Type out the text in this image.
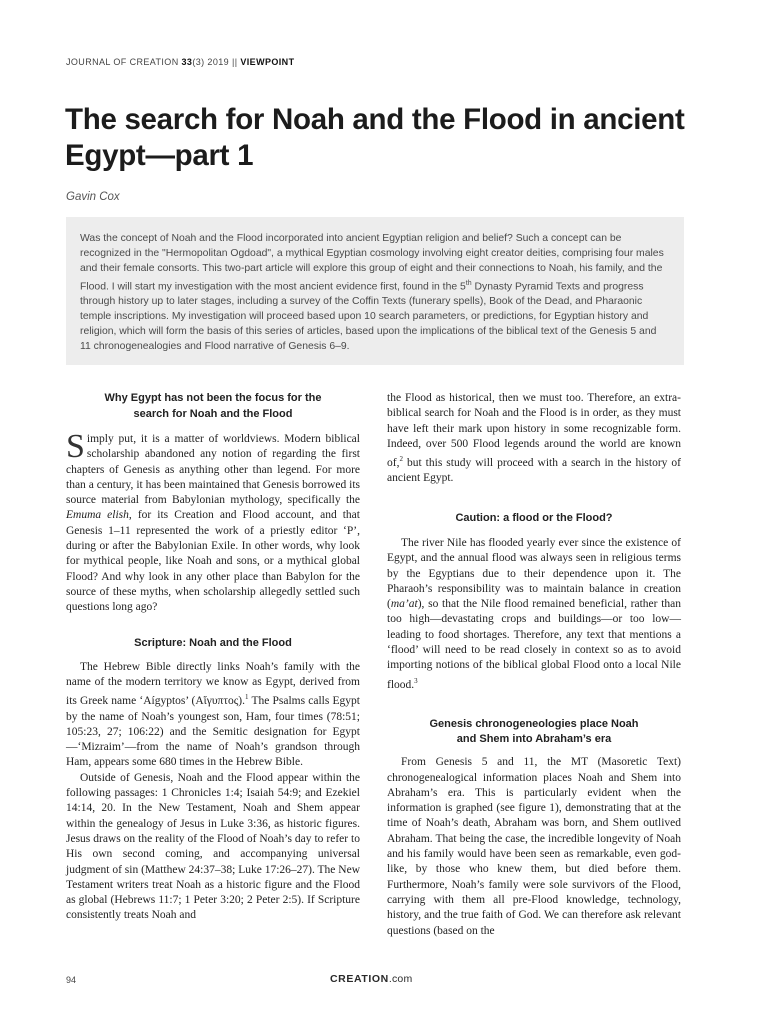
JOURNAL OF CREATION 33(3) 2019 || VIEWPOINT
The search for Noah and the Flood in ancient Egypt—part 1
Gavin Cox

Was the concept of Noah and the Flood incorporated into ancient Egyptian religion and belief? Such a concept can be recognized in the "Hermopolitan Ogdoad", a mythical Egyptian cosmology involving eight creator deities, comprising four males and their female consorts. This two-part article will explore this group of eight and their connections to Noah, his family, and the Flood. I will start my investigation with the most ancient evidence first, found in the 5th Dynasty Pyramid Texts and progress through history up to later stages, including a survey of the Coffin Texts (funerary spells), Book of the Dead, and Pharaonic temple inscriptions. My investigation will proceed based upon 10 search parameters, or predictions, for Egyptian history and religion, which will form the basis of this series of articles, based upon the implications of the biblical text of the Genesis 5 and 11 chronogenealogies and Flood narrative of Genesis 6–9.

Why Egypt has not been the focus for the search for Noah and the Flood

Simply put, it is a matter of worldviews. Modern biblical scholarship abandoned any notion of regarding the first chapters of Genesis as anything other than legend. For more than a century, it has been maintained that Genesis borrowed its source material from Babylonian mythology, specifically the Emuma elish, for its Creation and Flood account, and that Genesis 1–11 represented the work of a priestly editor ‘P’, during or after the Babylonian Exile. In other words, why look for mythical people, like Noah and sons, or a mythical global Flood? And why look in any other place than Babylon for the source of these myths, when scholarship allegedly settled such questions long ago?

Scripture: Noah and the Flood

The Hebrew Bible directly links Noah’s family with the name of the modern territory we know as Egypt, derived from its Greek name ‘Aígyptos’ (Αἴγυπτος).$^1$ The Psalms calls Egypt by the name of Noah’s youngest son, Ham, four times (78:51; 105:23, 27; 106:22) and the Semitic designation for Egypt—‘Mizraim’—from the name of Noah’s grandson through Ham, appears some 680 times in the Hebrew Bible.

Outside of Genesis, Noah and the Flood appear within the following passages: 1 Chronicles 1:4; Isaiah 54:9; and Ezekiel 14:14, 20. In the New Testament, Noah and Shem appear within the genealogy of Jesus in Luke 3:36, as historic figures. Jesus draws on the reality of the Flood of Noah’s day to refer to His own second coming, and accompanying universal judgment of sin (Matthew 24:37–38; Luke 17:26–27). The New Testament writers treat Noah as a historic figure and the Flood as global (Hebrews 11:7; 1 Peter 3:20; 2 Peter 2:5). If Scripture consistently treats Noah and

the Flood as historical, then we must too. Therefore, an extra-biblical search for Noah and the Flood is in order, as they must have left their mark upon history in some recognizable form. Indeed, over 500 Flood legends around the world are known of,$^2$ but this study will proceed with a search in the history of ancient Egypt.

Caution: a flood or the Flood?

The river Nile has flooded yearly ever since the existence of Egypt, and the annual flood was always seen in religious terms by the Egyptians due to their dependence upon it. The Pharaoh’s responsibility was to maintain balance in creation (ma’at), so that the Nile flood remained beneficial, rather than too high—devastating crops and buildings—or too low—leading to food shortages. Therefore, any text that mentions a ‘flood’ will need to be read closely in context so as to avoid importing notions of the biblical global Flood onto a local Nile flood.$^3$

Genesis chronogeneologies place Noah and Shem into Abraham’s era

From Genesis 5 and 11, the MT (Masoretic Text) chronogenealogical information places Noah and Shem into Abraham’s era. This is particularly evident when the information is graphed (see figure 1), demonstrating that at the time of Noah’s death, Abraham was born, and Shem outlived Abraham. That being the case, the incredible longevity of Noah and his family would have been seen as remarkable, even god-like, by those who knew them, but died before them. Furthermore, Noah’s family were sole survivors of the Flood, carrying with them all pre-Flood knowledge, technology, history, and the true faith of God. We can therefore ask relevant questions (based on the

94	CREATION.com
